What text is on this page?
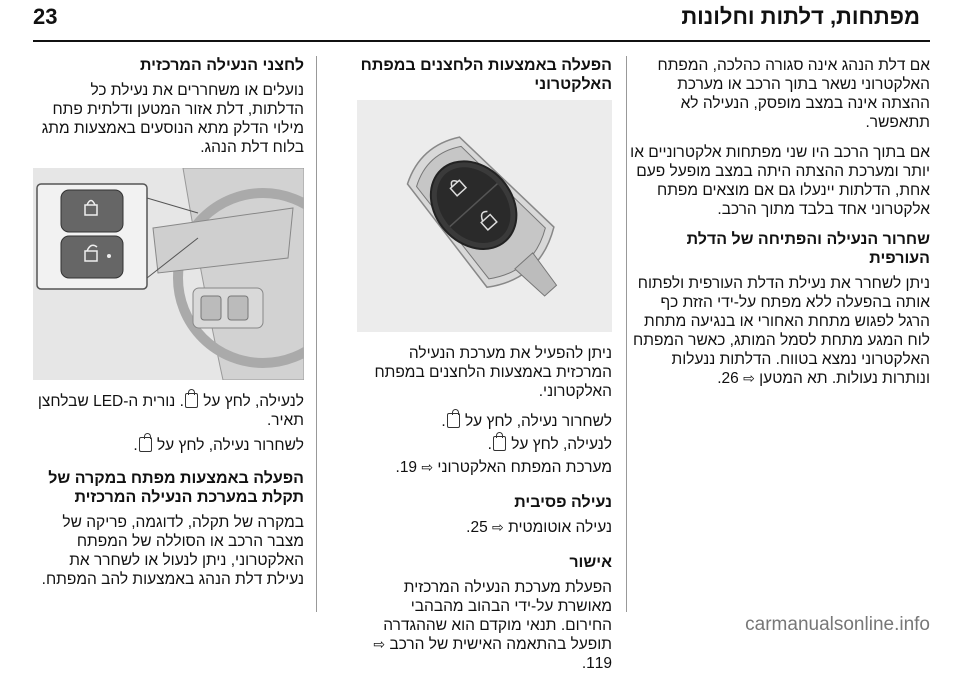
מפתחות, דלתות וחלונות
23

אם דלת הנהג אינה סגורה כהלכה, המפתח האלקטרוני נשאר בתוך הרכב או מערכת ההצתה אינה במצב מופסק, הנעילה לא תתאפשר.

אם בתוך הרכב היו שני מפתחות אלקטרוניים או יותר ומערכת ההצתה היתה במצב מופעל פעם אחת, הדלתות יינעלו גם אם מוצאים מפתח אלקטרוני אחד בלבד מתוך הרכב.

שחרור הנעילה והפתיחה של הדלת העורפית

ניתן לשחרר את נעילת הדלת העורפית ולפתוח אותה בהפעלה ללא מפתח על-ידי הזזת כף הרגל לפגוש מתחת האחורי או בנגיעה מתחת לוח המגע מתחת לסמל המותג, כאשר המפתח האלקטרוני נמצא בטווח. הדלתות ננעלות ונותרות נעולות. תא המטען ⇨ 26.

הפעלה באמצעות הלחצנים במפתח האלקטרוני

ניתן להפעיל את מערכת הנעילה המרכזית באמצעות הלחצנים במפתח האלקטרוני.

לשחרור נעילה, לחץ על .

לנעילה, לחץ על .

מערכת המפתח האלקטרוני ⇨ 19.

נעילה פסיבית

נעילה אוטומטית ⇨ 25.

אישור

הפעלת מערכת הנעילה המרכזית מאושרת על-ידי הבהוב מהבהבי החירום. תנאי מוקדם הוא שההגדרה תופעל בהתאמה האישית של הרכב ⇨ 119.

לחצני הנעילה המרכזית

נועלים או משחררים את נעילת כל הדלתות, דלת אזור המטען ודלתית פתח מילוי הדלק מתא הנוסעים באמצעות מתג בלוח דלת הנהג.

לנעילה, לחץ על . נורית ה-LED שבלחצן תאיר.

לשחרור נעילה, לחץ על .

הפעלה באמצעות מפתח במקרה של תקלת במערכת הנעילה המרכזית

במקרה של תקלה, לדוגמה, פריקה של מצבר הרכב או הסוללה של המפתח האלקטרוני, ניתן לנעול או לשחרר את נעילת דלת הנהג באמצעות להב המפתח.

carmanualsonline.info
